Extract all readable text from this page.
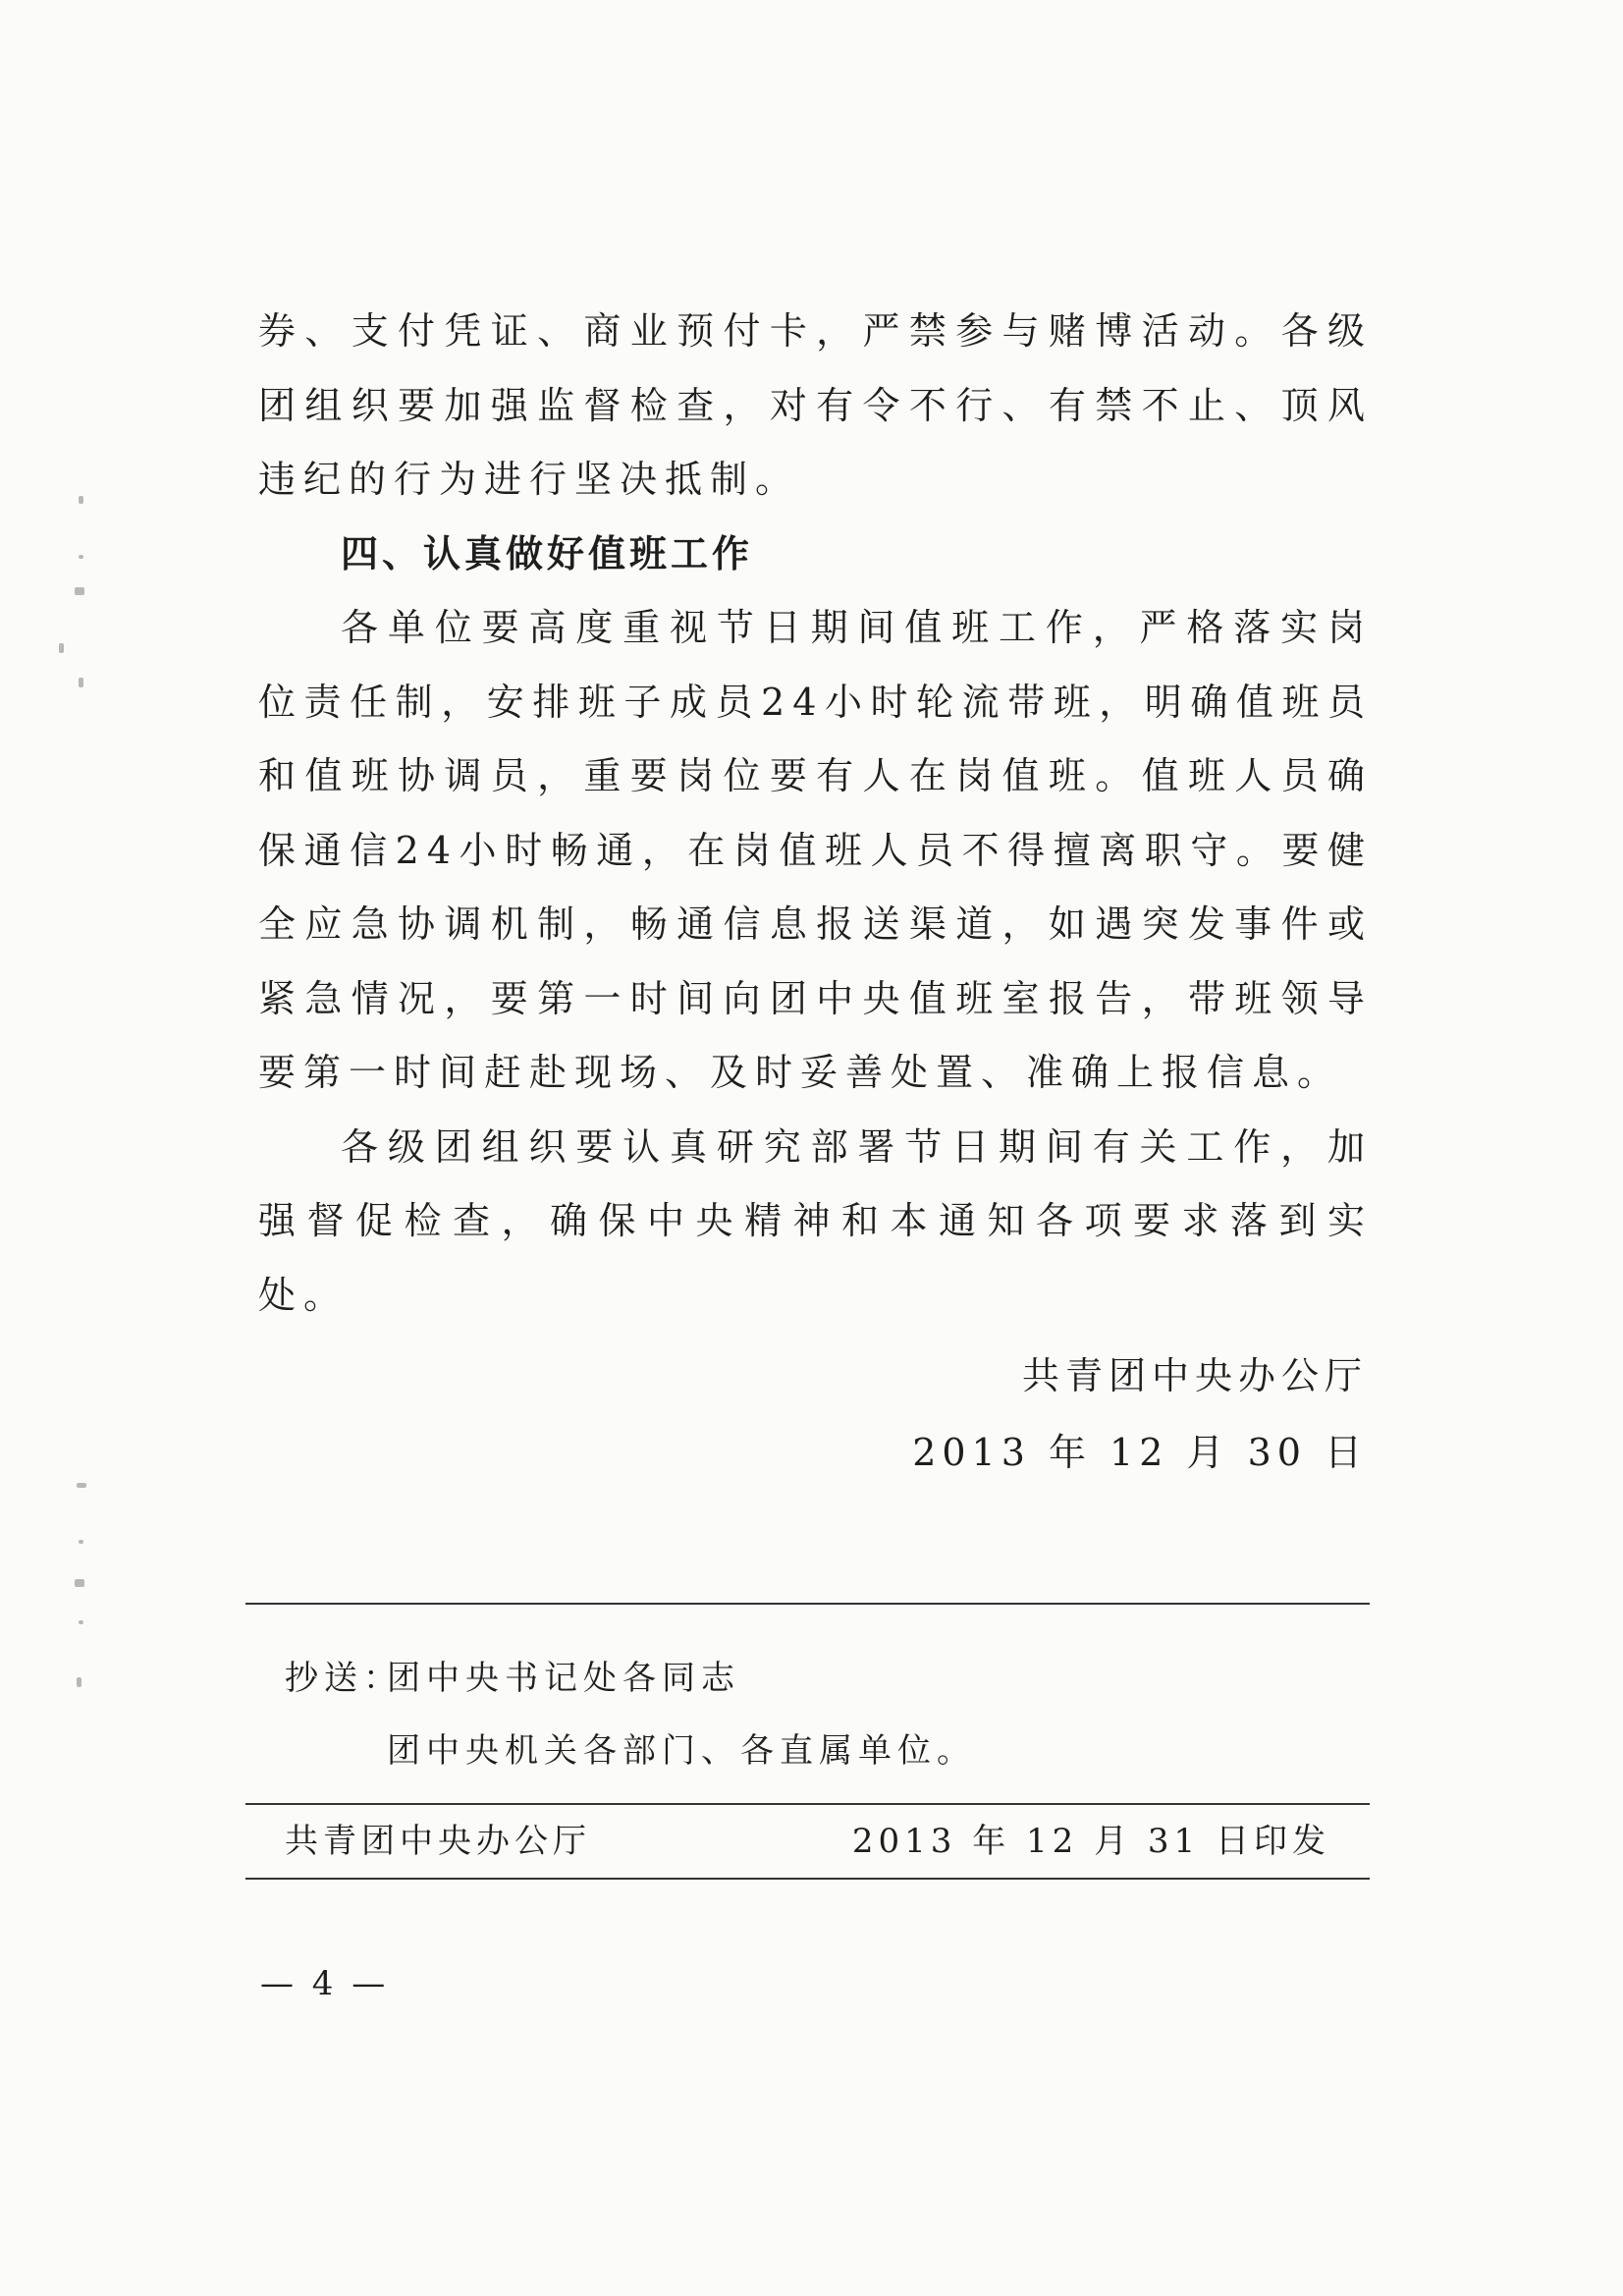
券、支付凭证、商业预付卡，严禁参与赌博活动。各级团组织要加强监督检查，对有令不行、有禁不止、顶风违纪的行为进行坚决抵制。

四、认真做好值班工作

各单位要高度重视节日期间值班工作，严格落实岗位责任制，安排班子成员24小时轮流带班，明确值班员和值班协调员，重要岗位要有人在岗值班。值班人员确保通信24小时畅通，在岗值班人员不得擅离职守。要健全应急协调机制，畅通信息报送渠道，如遇突发事件或紧急情况，要第一时间向团中央值班室报告，带班领导要第一时间赶赴现场、及时妥善处置、准确上报信息。

各级团组织要认真研究部署节日期间有关工作，加强督促检查，确保中央精神和本通知各项要求落到实处。

共青团中央办公厅
2013 年 12 月 30 日
抄送：团中央书记处各同志
团中央机关各部门、各直属单位。
共青团中央办公厅	2013 年 12 月 31 日印发
— 4 —
